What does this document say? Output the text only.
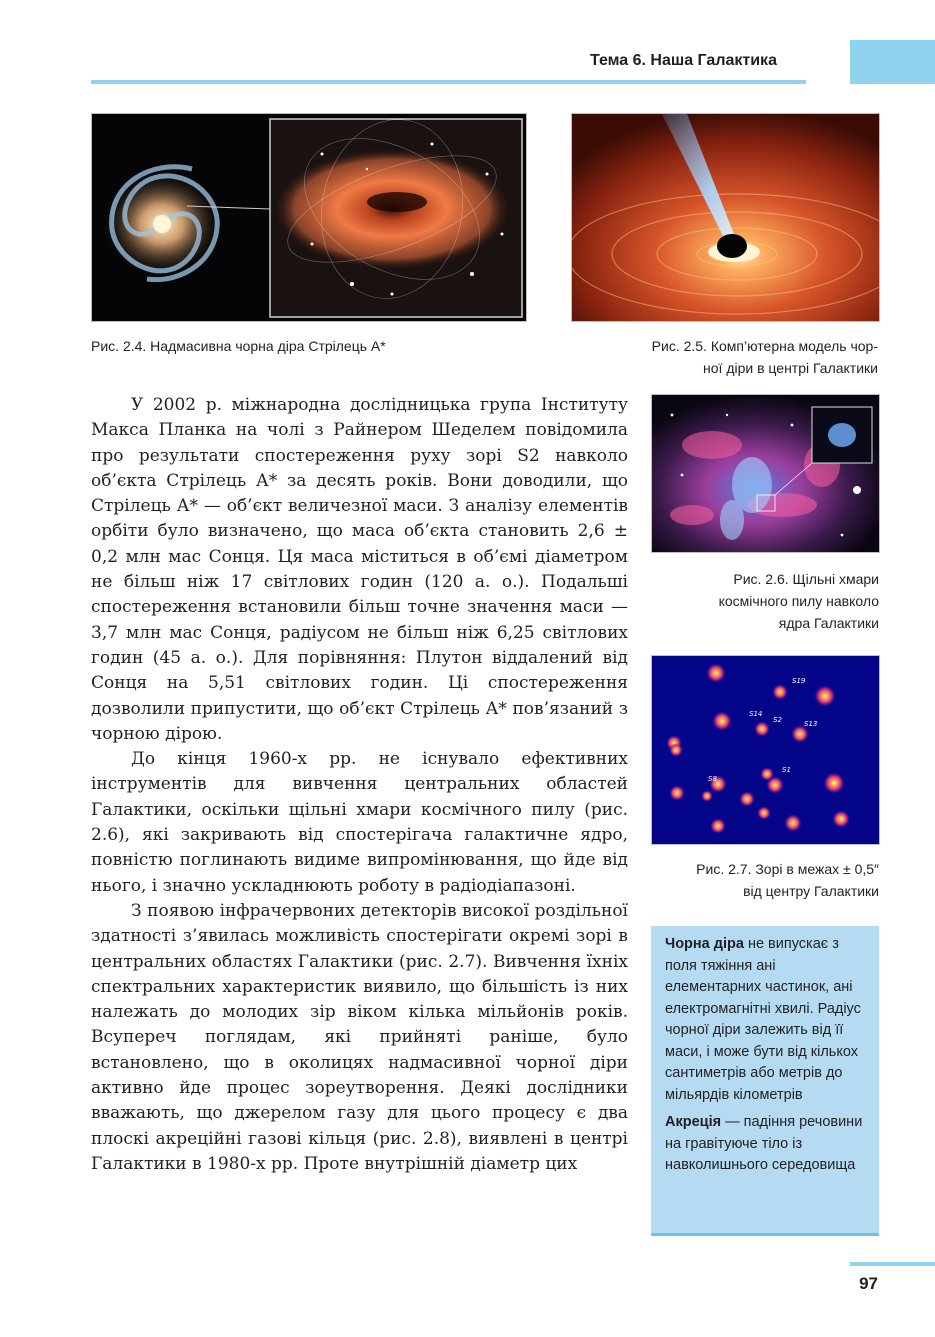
Тема 6. Наша Галактика
Рис. 2.4. Надмасивна чорна діра Стрілець А*	Рис. 2.5. Комп’ютерна модель чор-
ної діри в центрі Галактики
Рис. 2.6. Щільні хмари
космічного пилу навколо
ядра Галактики
S19
S14
S2	S13
S8
S1
Рис. 2.7. Зорі в межах ± 0,5″
від центру Галактики

У 2002 р. міжнародна дослідницька група Інституту Макса Планка на чолі з Райнером Шеделем повідомила про результати спостереження руху зорі S2 навколо об’єкта Стрілець А* за десять років. Вони доводили, що Стрілець А* — об’єкт величезної маси. З аналізу елементів орбіти було визначено, що маса об’єкта становить 2,6 ± 0,2 млн мас Сонця. Ця маса міститься в об’ємі діаметром не більш ніж 17 світлових годин (120 а. о.). Подальші спостереження встановили більш точне значення маси — 3,7 млн мас Сонця, радіусом не більш ніж 6,25 світлових годин (45 а. о.). Для порівняння: Плутон віддалений від Сонця на 5,51 світлових годин. Ці спостереження дозволили припустити, що об’єкт Стрілець А* пов’язаний з чорною дірою.

До кінця 1960-х рр. не існувало ефективних інструментів для вивчення центральних областей Галактики, оскільки щільні хмари космічного пилу (рис. 2.6), які закривають від спостерігача галактичне ядро, повністю поглинають видиме випромінювання, що йде від нього, і значно ускладнюють роботу в радіодіапазоні.

З появою інфрачервоних детекторів високої роздільної здатності з’явилась можливість спостерігати окремі зорі в центральних областях Галактики (рис. 2.7). Вивчення їхніх спектральних характеристик виявило, що більшість із них належать до молодих зір віком кілька мільйонів років. Всупереч поглядам, які прийняті раніше, було встановлено, що в околицях надмасивної чорної діри активно йде процес зореутворення. Деякі дослідники вважають, що джерелом газу для цього процесу є два плоскі акреційні газові кільця (рис. 2.8), виявлені в центрі Галактики в 1980-х рр. Проте внутрішній діаметр цих

Чорна діра не випускає з поля тяжіння ані елементарних частинок, ані електромагнітні хвилі. Радіус чорної діри залежить від її маси, і може бути від кількох сантиметрів або метрів до мільярдів кілометрів

Акреція — падіння речовини на гравітуюче тіло із навколишнього середовища

97
